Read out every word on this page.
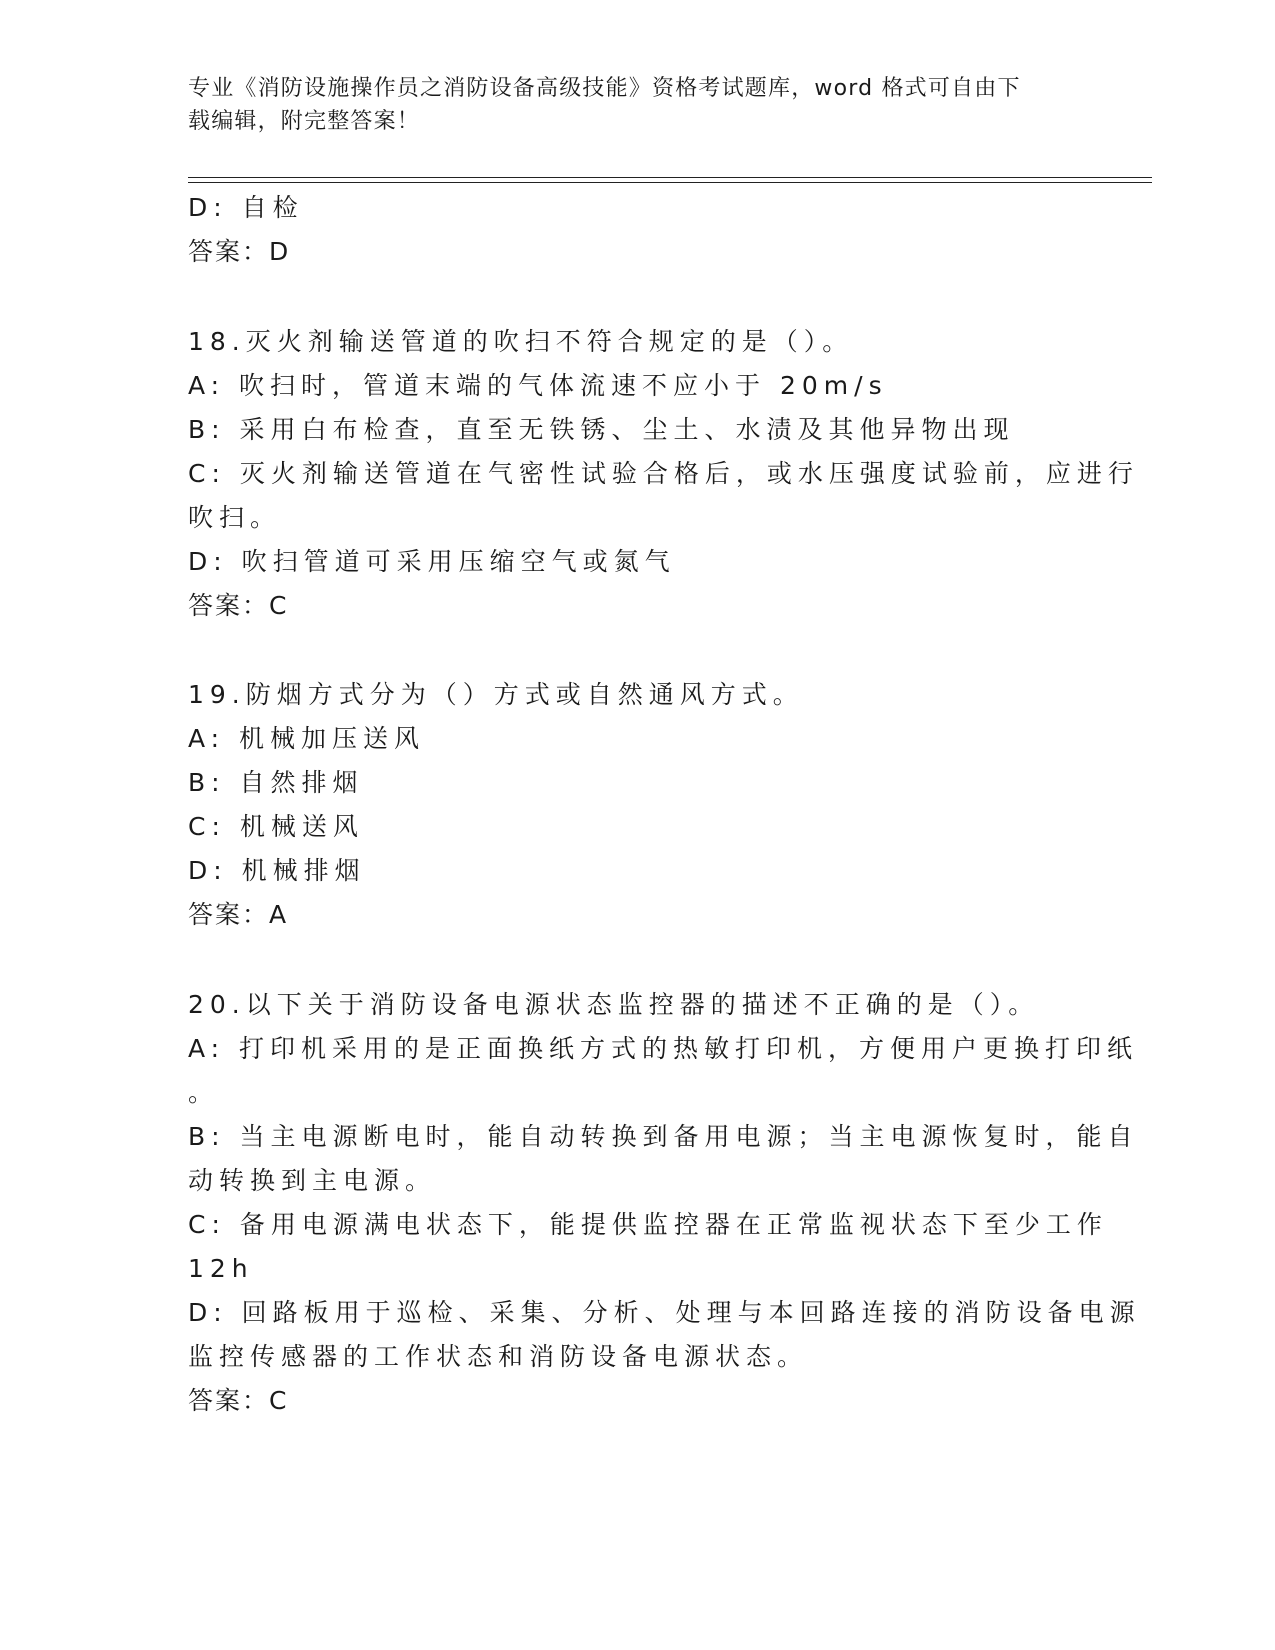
专业《消防设施操作员之消防设备高级技能》资格考试题库，word 格式可自由下
载编辑，附完整答案！
D: 自检
答案：D
18.灭火剂输送管道的吹扫不符合规定的是（）。
A: 吹扫时，管道末端的气体流速不应小于 20m/s
B: 采用白布检查，直至无铁锈、尘土、水渍及其他异物出现
C: 灭火剂输送管道在气密性试验合格后，或水压强度试验前，应进行
吹扫。
D: 吹扫管道可采用压缩空气或氮气
答案：C
19.防烟方式分为（）方式或自然通风方式。
A: 机械加压送风
B: 自然排烟
C: 机械送风
D: 机械排烟
答案：A
20.以下关于消防设备电源状态监控器的描述不正确的是（）。
A: 打印机采用的是正面换纸方式的热敏打印机，方便用户更换打印纸
。
B: 当主电源断电时，能自动转换到备用电源；当主电源恢复时，能自
动转换到主电源。
C: 备用电源满电状态下，能提供监控器在正常监视状态下至少工作
12h
D: 回路板用于巡检、采集、分析、处理与本回路连接的消防设备电源
监控传感器的工作状态和消防设备电源状态。
答案：C
